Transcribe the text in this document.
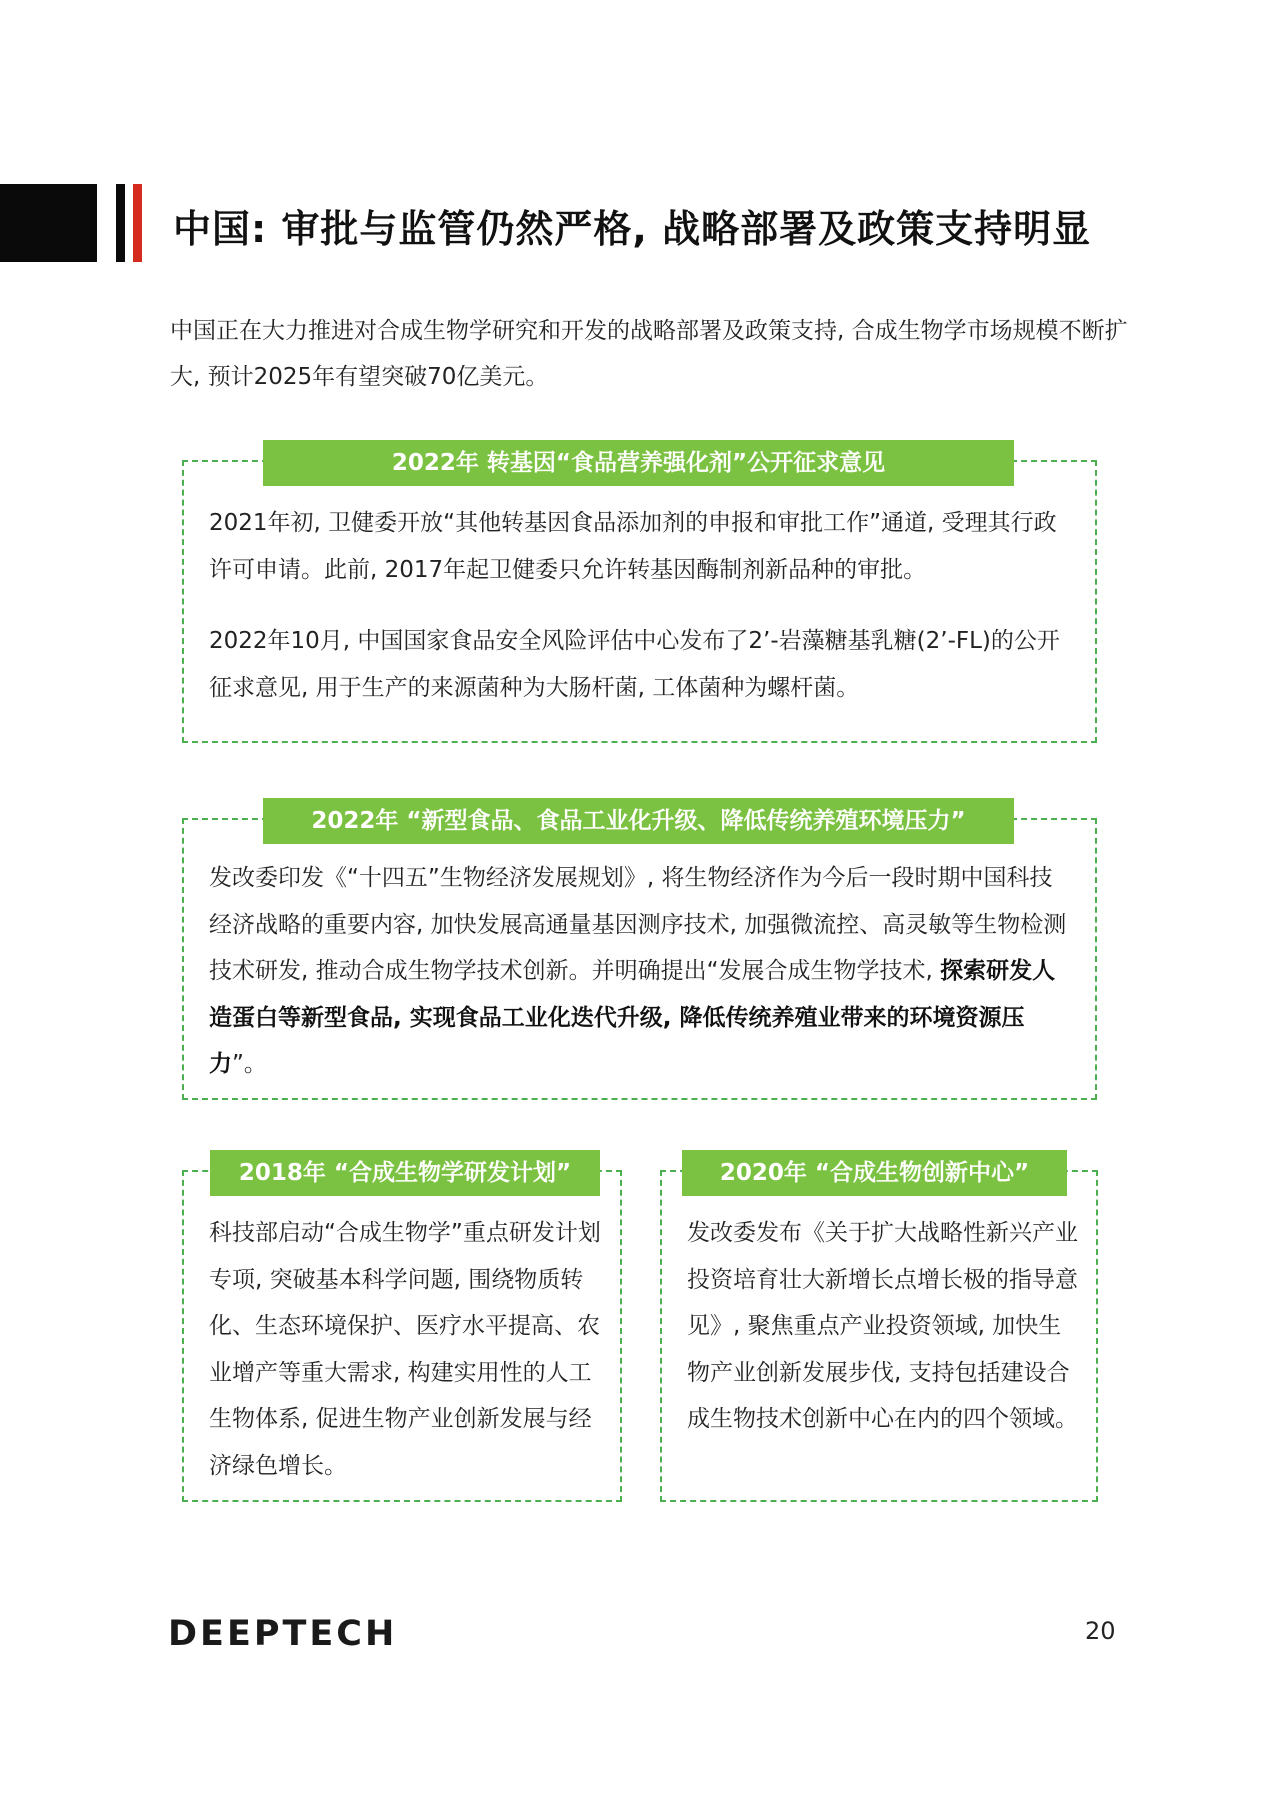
中国: 审批与监管仍然严格, 战略部署及政策支持明显

中国正在大力推进对合成生物学研究和开发的战略部署及政策支持, 合成生物学市场规模不断扩大, 预计2025年有望突破70亿美元。

2022年 转基因“食品营养强化剂”公开征求意见

2021年初, 卫健委开放“其他转基因食品添加剂的申报和审批工作”通道, 受理其行政许可申请。此前, 2017年起卫健委只允许转基因酶制剂新品种的审批。

2022年10月, 中国国家食品安全风险评估中心发布了2’-岩藻糖基乳糖(2’-FL)的公开征求意见, 用于生产的来源菌种为大肠杆菌, 工体菌种为螺杆菌。

2022年 “新型食品、食品工业化升级、降低传统养殖环境压力”

发改委印发《“十四五”生物经济发展规划》, 将生物经济作为今后一段时期中国科技经济战略的重要内容, 加快发展高通量基因测序技术, 加强微流控、高灵敏等生物检测技术研发, 推动合成生物学技术创新。并明确提出“发展合成生物学技术, 探索研发人造蛋白等新型食品, 实现食品工业化迭代升级, 降低传统养殖业带来的环境资源压力”。

2018年 “合成生物学研发计划”

科技部启动“合成生物学”重点研发计划专项, 突破基本科学问题, 围绕物质转化、生态环境保护、医疗水平提高、农业增产等重大需求, 构建实用性的人工生物体系, 促进生物产业创新发展与经济绿色增长。

2020年 “合成生物创新中心”

发改委发布《关于扩大战略性新兴产业投资培育壮大新增长点增长极的指导意见》, 聚焦重点产业投资领域, 加快生物产业创新发展步伐, 支持包括建设合成生物技术创新中心在内的四个领域。

DEEPTECH	20
